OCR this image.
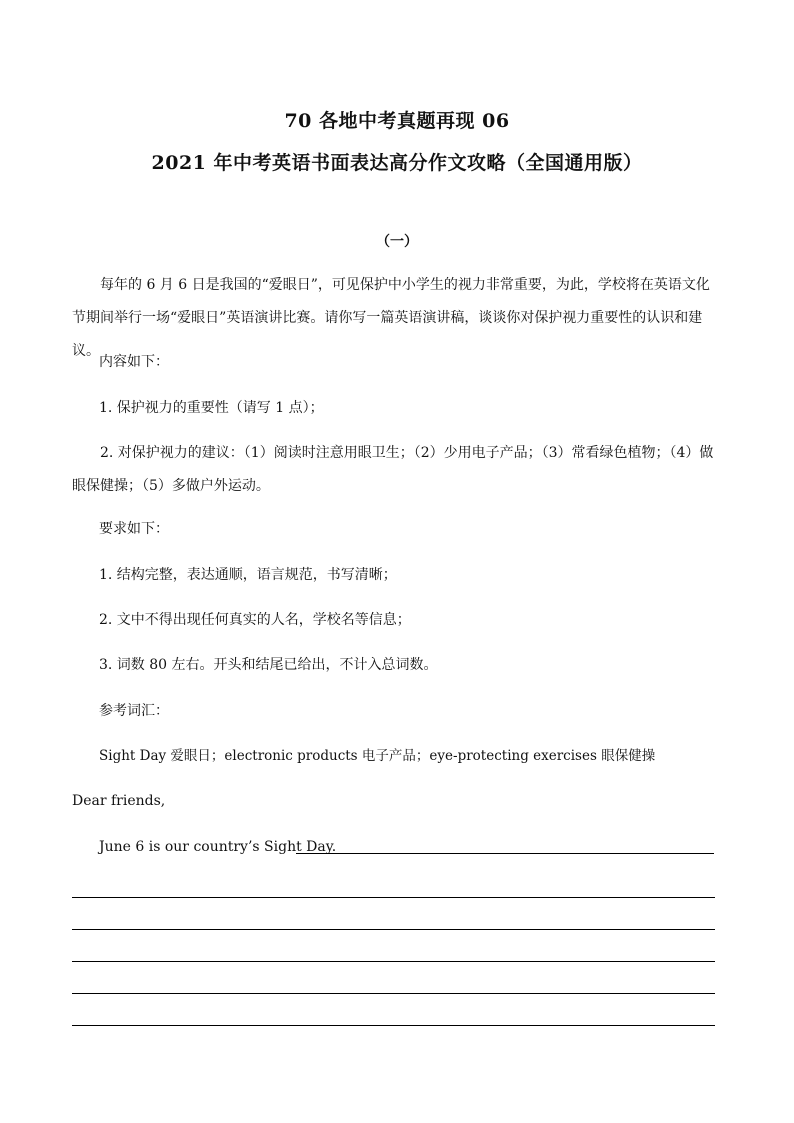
70 各地中考真题再现 06
2021 年中考英语书面表达高分作文攻略（全国通用版）
（一）
每年的 6 月 6 日是我国的“爱眼日”，可见保护中小学生的视力非常重要，为此，学校将在英语文化节期间举行一场“爱眼日”英语演讲比赛。请你写一篇英语演讲稿，谈谈你对保护视力重要性的认识和建议。
内容如下：
1. 保护视力的重要性（请写 1 点）；
2. 对保护视力的建议：（1）阅读时注意用眼卫生；（2）少用电子产品；（3）常看绿色植物；（4）做眼保健操；（5）多做户外运动。
要求如下：
1. 结构完整，表达通顺，语言规范，书写清晰；
2. 文中不得出现任何真实的人名，学校名等信息；
3. 词数 80 左右。开头和结尾已给出，不计入总词数。
参考词汇：
Sight Day 爱眼日；electronic products 电子产品；eye-protecting exercises 眼保健操
Dear friends,
June 6 is our country’s Sight Day.
